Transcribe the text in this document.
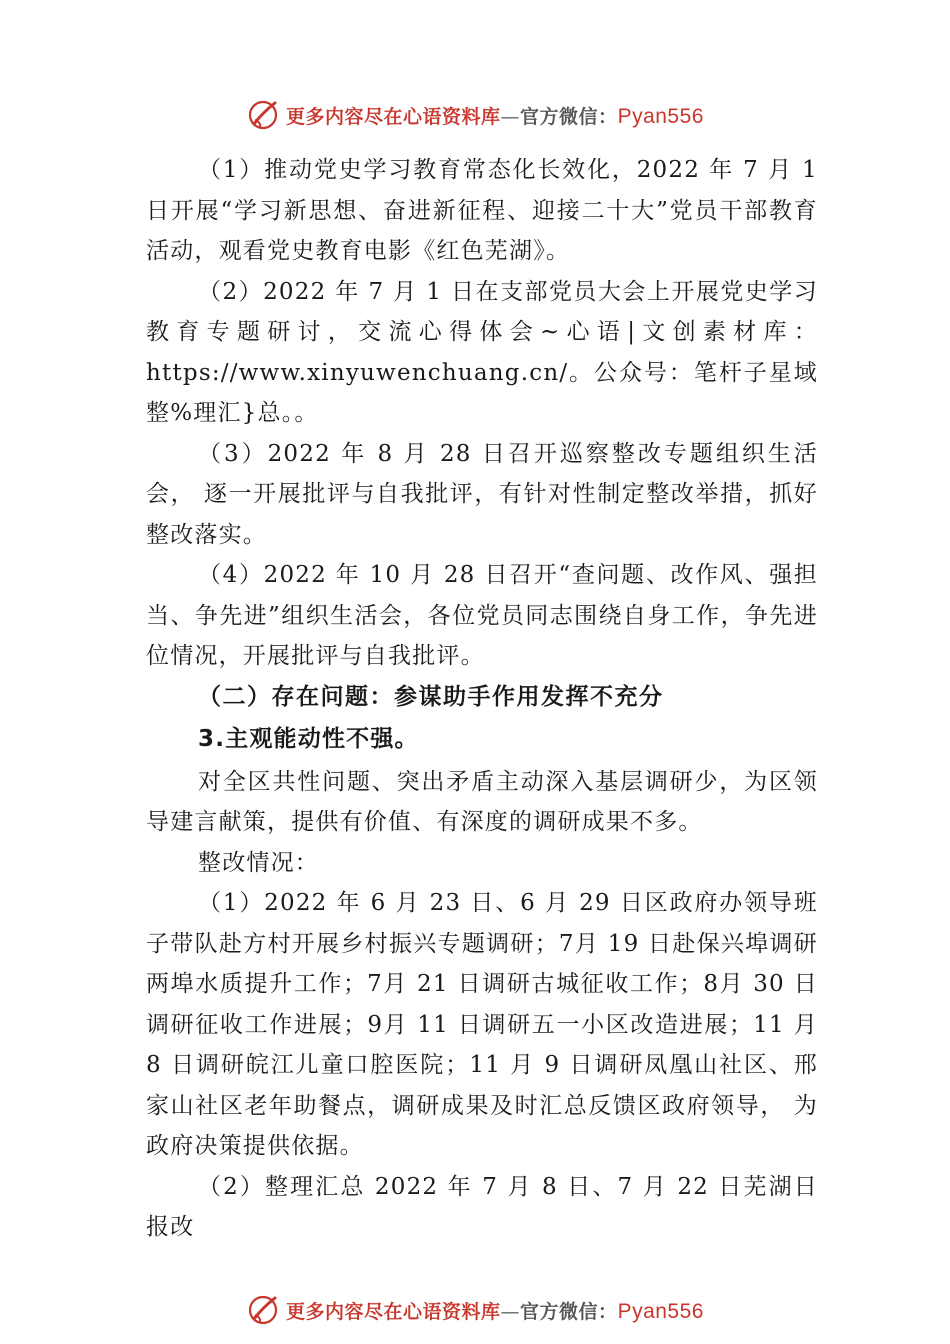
更多内容尽在心语资料库—官方微信：Pyan556

（1）推动党史学习教育常态化长效化，2022 年 7 月 1 日开展“学习新思想、奋进新征程、迎接二十大”党员干部教育活动，观看党史教育电影《红色芜湖》。

（2）2022 年 7 月 1 日在支部党员大会上开展党史学习教育专题研讨，交流心得体会~心语|文创素材库：https://www.xinyuwenchuang.cn/。公众号：笔杆子星域整%理汇}总。。

（3）2022 年 8 月 28 日召开巡察整改专题组织生活会， 逐一开展批评与自我批评，有针对性制定整改举措，抓好整改落实。

（4）2022 年 10 月 28 日召开“查问题、改作风、强担当、争先进”组织生活会，各位党员同志围绕自身工作，争先进位情况，开展批评与自我批评。

（二）存在问题：参谋助手作用发挥不充分

3.主观能动性不强。

对全区共性问题、突出矛盾主动深入基层调研少，为区领导建言献策，提供有价值、有深度的调研成果不多。

整改情况：

（1）2022 年 6 月 23 日、6 月 29 日区政府办领导班子带队赴方村开展乡村振兴专题调研；7月 19 日赴保兴埠调研两埠水质提升工作；7月 21 日调研古城征收工作；8月 30 日调研征收工作进展；9月 11 日调研五一小区改造进展；11 月 8 日调研皖江儿童口腔医院；11 月 9 日调研凤凰山社区、邢家山社区老年助餐点，调研成果及时汇总反馈区政府领导， 为政府决策提供依据。

（2）整理汇总 2022 年 7 月 8 日、7 月 22 日芜湖日报改

更多内容尽在心语资料库—官方微信：Pyan556
